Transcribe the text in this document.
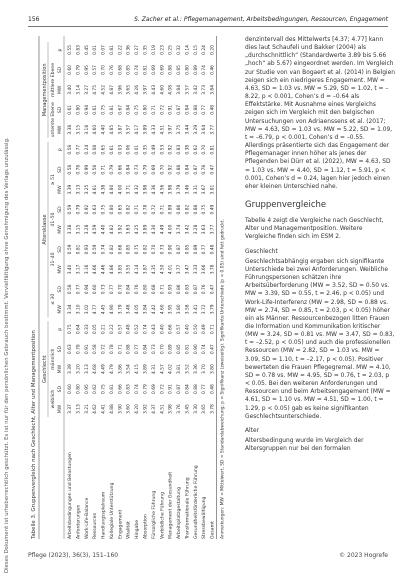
Dieses Dokument ist urheberrechtlich geschützt. Es ist nur für den persönlichen Gebrauch bestimmt. Vervielfältigung ohne Genehmigung des Verlags unzulässig.
156	S. Zacher et al.: Pflegemanagement, Arbeitsbedingungen, Ressourcen, Engagement
Tabelle 3. Gruppenvergleich nach Geschlecht, Alter und Managementposition Geschlecht
Altersklasse
Managementposition
weiblich
männlich
≤ 30
31–40
41–50
≥ 51
unterste Ebene
mittlere Ebene
MW
SD
MW
SD
p
MW
SD
MW
SD
MW
SD
MW
SD
p
MW
SD
MW
SD
p
Arbeitsbedingungen und Belastungen
3.37
0.60
3.39
0.63
0.75
3.34
0.58
3.40
0.59
3.38
0.59
3.39
0.58
0.58
3.38
0.61
3.40
0.60
0.55
Anforderungen
3.13
0.80
3.20
0.78
0.64
3.10
0.77
3.17
0.81
3.15
0.79
3.13
0.78
0.77
3.15
0.80
3.14
0.79
0.83
Work-Life-Balance
3.21
0.95
3.13
0.91
0.33
3.02
0.94
3.16
0.93
3.28
0.92
3.25
0.99
0.24
3.18
0.94
3.27
0.95
0.45
Ressourcen
4.62
0.62
4.68
0.58
0.05
4.77
0.60
4.66
0.59
4.59
0.63
4.61
0.58
0.08
4.60
0.61
4.75
0.57
0.01
Handlungsspielraum
4.41
0.75
4.49
0.72
0.21
4.45
0.73
4.46
0.74
4.40
0.75
4.38
0.71
0.65
4.40
0.75
4.52
0.70
0.07
Kollegiale Unterstützung
4.88
0.81
4.79
0.78
0.22
4.90
0.77
4.86
0.82
4.82
0.80
4.80
0.79
0.61
4.85
0.81
4.87
0.76
0.81
Engagement
3.90
0.66
3.86
0.71
0.57
3.79
0.70
3.85
0.68
3.92
0.65
4.00
0.66
0.03
3.87
0.67
3.96
0.68
0.22
Vitalität
3.60
0.83
3.54
0.88
0.48
3.48
0.84
3.55
0.85
3.63
0.82
3.71
0.84
0.06
3.57
0.84
3.65
0.85
0.36
Hingabe
4.20
0.74
4.15
0.77
0.52
4.05
0.76
4.14
0.75
4.25
0.71
4.32
0.73
0.01
4.17
0.75
4.26
0.74
0.27
Absorption
3.92
0.79
3.89
0.84
0.74
3.84
0.80
3.87
0.82
3.89
0.78
3.98
0.79
0.35
3.89
0.80
3.97
0.81
0.35
Fürsorgliche Führung
4.37
0.69
4.31
0.73
0.43
4.42
0.68
4.35
0.70
4.30
0.72
4.36
0.69
0.49
4.33
0.71
4.43
0.69
0.19
Vorbildliche Führung
4.51
0.72
4.57
0.70
0.40
4.60
0.71
4.50
0.73
4.49
0.71
4.56
0.70
0.53
4.51
0.72
4.60
0.69
0.23
Management der Gesundheit
3.98
0.91
4.02
0.89
0.66
3.95
0.93
4.01
0.90
4.00
0.89
3.98
0.92
0.92
3.97
0.91
4.08
0.88
0.25
Arbeitsplatzgestaltung
3.76
0.87
3.81
0.85
0.57
3.80
0.86
3.77
0.87
3.74
0.86
3.79
0.88
0.83
3.75
0.87
3.84
0.85
0.32
Transformationale Führung
3.45
0.84
3.52
0.81
0.40
3.58
0.83
3.47
0.85
3.42
0.82
3.46
0.84
0.38
3.44
0.84
3.57
0.80
0.14
Gesundheitsförderliche Führung
3.30
0.88
3.36
0.90
0.50
3.41
0.87
3.33
0.89
3.28
0.88
3.31
0.87
0.62
3.29
0.88
3.42
0.89
0.15
Stressbewältigung
3.65
0.77
3.70
0.74
0.49
3.72
0.76
3.66
0.77
3.63
0.75
3.67
0.78
0.70
3.64
0.77
3.73
0.74
0.24
Gesamt
3.78
0.48
3.80
0.47
0.71
3.79
0.47
3.78
0.48
3.77
0.49
3.81
0.47
0.81
3.77
0.48
3.84
0.46
0.20
Anmerkungen: MW = Mittelwert, SD = Standardabweichung; p = Signifikanz (zweiseitig). Signifikante Unterschiede (p < 0.05) sind fett gedruckt.

denzintervall des Mittelwerts [4.37; 4.77] kann dies laut Schaufeli und Bakker (2004) als „durchschnittlich“ (Standardwerte 3.89 bis 5.66 „hoch“ ab 5.67) eingeordnet werden. Im Vergleich zur Studie von van Bogaert et al. (2014) in Belgien zeigen sich ein niedrigeres Engagement. MW = 4.63, SD = 1.03 vs. MW = 5.29, SD = 1.02, t = –8.22, p < 0.001, Cohen’s d = –0.64 als Effektstärke. Mit Ausnahme eines Vergleichs zeigen sich im Vergleich mit den belgischen Untersuchungen von Adriaenssens et al. (2017; MW = 4.63, SD = 1.03 vs. MW = 5.22, SD = 1.09, t = –6.79, p < 0.001, Cohen’s d = –0.55. Allerdings präsentierte sich das Engagement der Pflegemanager innen höher als jenes der Pflegenden bei Dürr et al. (2022), MW = 4.63, SD = 1.03 vs. MW = 4.40, SD = 1.12, t = 5.91, p < 0.001, Cohen’s d = 0.24, lagen hier jedoch einen eher kleinen Unterschied nahe.

Gruppenvergleiche

Tabelle 4 zeigt die Vergleiche nach Geschlecht, Alter und Managementposition. Weitere Vergleiche finden sich im ESM 2.

Geschlecht

Geschlechtsabhängig ergaben sich signifikante Unterschiede bei zwei Anforderungen. Weibliche Führungspersonen schätzen ihre Arbeitsüberforderung (MW = 3.52, SD = 0.50 vs. MW = 3.39, SD = 0.55, t = 2.46, p < 0.05) und Work-Life-Interferenz (MW = 2.98, SD = 0.88 vs. MW = 2.74, SD = 0.85, t = 2.03, p < 0.05) höher ein als Männer. Ressourcenbezogen litten Frauen die Information und Kommunikation kritischer (MW = 3.24, SD = 0.81 vs. MW = 3.47, SD = 0.83, t = –2.52, p < 0.05) und auch die professionellen Ressourcen (MW = 2.82, SD = 1.03 vs. MW = 3.09, SD = 1.10, t = –2.17, p < 0.05). Positiver bewerteten die Frauen Pflegegremal. MW = 4.10, SD = 0.78 vs. MW = 4.95, SD = 0.76, t = 2.03, p < 0.05. Bei den weiteren Anforderungen und Ressourcen und beim Arbeitsengagement (MW = 4.61, SD = 1.10 vs. MW = 4.51, SD = 1.00, t = 1.29, p < 0.05) gab es keine signifikanten Geschlechtsunterschiede.

Alter

Altersbedingung wurde im Vergleich der Altersgruppen nur bei den formalen

Pflege (2023), 36(3), 151–160	© 2023 Hogrefe
